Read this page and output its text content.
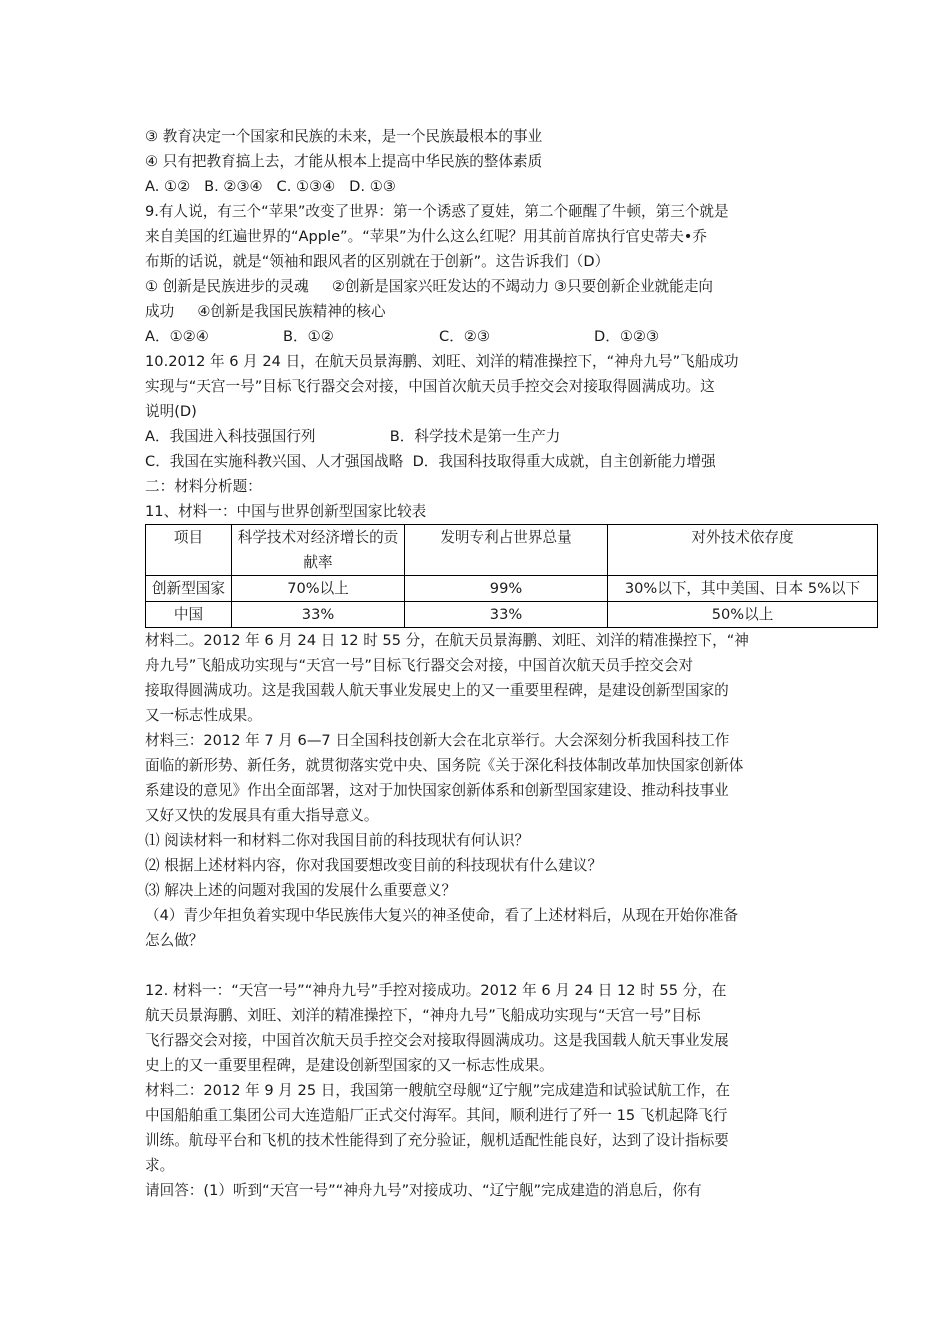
③ 教育决定一个国家和民族的未来，是一个民族最根本的事业
④ 只有把教育搞上去，才能从根本上提高中华民族的整体素质
A. ①②   B. ②③④   C. ①③④   D. ①③
9.有人说，有三个“苹果”改变了世界：第一个诱惑了夏娃，第二个砸醒了牛顿，第三个就是
来自美国的红遍世界的“Apple”。“苹果”为什么这么红呢？用其前首席执行官史蒂夫•乔
布斯的话说，就是“领袖和跟风者的区别就在于创新”。这告诉我们（D）
① 创新是民族进步的灵魂     ②创新是国家兴旺发达的不竭动力 ③只要创新企业就能走向
成功     ④创新是我国民族精神的核心
A．①②④	B．①②	C．②③	D．①②③
10.2012 年 6 月 24 日，在航天员景海鹏、刘旺、刘洋的精准操控下，“神舟九号”飞船成功
实现与“天宫一号”目标飞行器交会对接，中国首次航天员手控交会对接取得圆满成功。这
说明(D)
A．我国进入科技强国行列                B．科学技术是第一生产力
C．我国在实施科教兴国、人才强国战略  D．我国科技取得重大成就，自主创新能力增强
二：材料分析题：
11、材料一：中国与世界创新型国家比较表
项目	科学技术对经济增长的贡献率	发明专利占世界总量	对外技术依存度
创新型国家	70%以上	99%	30%以下，其中美国、日本 5%以下
中国	33%	33%	50%以上
材料二。2012 年 6 月 24 日 12 时 55 分，在航天员景海鹏、刘旺、刘洋的精准操控下，“神
舟九号”飞船成功实现与“天宫一号”目标飞行器交会对接，中国首次航天员手控交会对
接取得圆满成功。这是我国载人航天事业发展史上的又一重要里程碑，是建设创新型国家的
又一标志性成果。
材料三：2012 年 7 月 6—7 日全国科技创新大会在北京举行。大会深刻分析我国科技工作
面临的新形势、新任务，就贯彻落实党中央、国务院《关于深化科技体制改革加快国家创新体
系建设的意见》作出全面部署，这对于加快国家创新体系和创新型国家建设、推动科技事业
又好又快的发展具有重大指导意义。
⑴ 阅读材料一和材料二你对我国目前的科技现状有何认识？
⑵ 根据上述材料内容，你对我国要想改变目前的科技现状有什么建议？
⑶ 解决上述的问题对我国的发展什么重要意义？
（4）青少年担负着实现中华民族伟大复兴的神圣使命，看了上述材料后，从现在开始你准备
怎么做？
12. 材料一：“天宫一号”“神舟九号”手控对接成功。2012 年 6 月 24 日 12 时 55 分，在
航天员景海鹏、刘旺、刘洋的精准操控下，“神舟九号”飞船成功实现与“天宫一号”目标
飞行器交会对接，中国首次航天员手控交会对接取得圆满成功。这是我国载人航天事业发展
史上的又一重要里程碑，是建设创新型国家的又一标志性成果。
材料二：2012 年 9 月 25 日，我国第一艘航空母舰“辽宁舰”完成建造和试验试航工作，在
中国船舶重工集团公司大连造船厂正式交付海军。其间，顺利进行了歼一 15 飞机起降飞行
训练。航母平台和飞机的技术性能得到了充分验证，舰机适配性能良好，达到了设计指标要
求。
请回答：(1）听到“天宫一号”“神舟九号”对接成功、“辽宁舰”完成建造的消息后，你有
